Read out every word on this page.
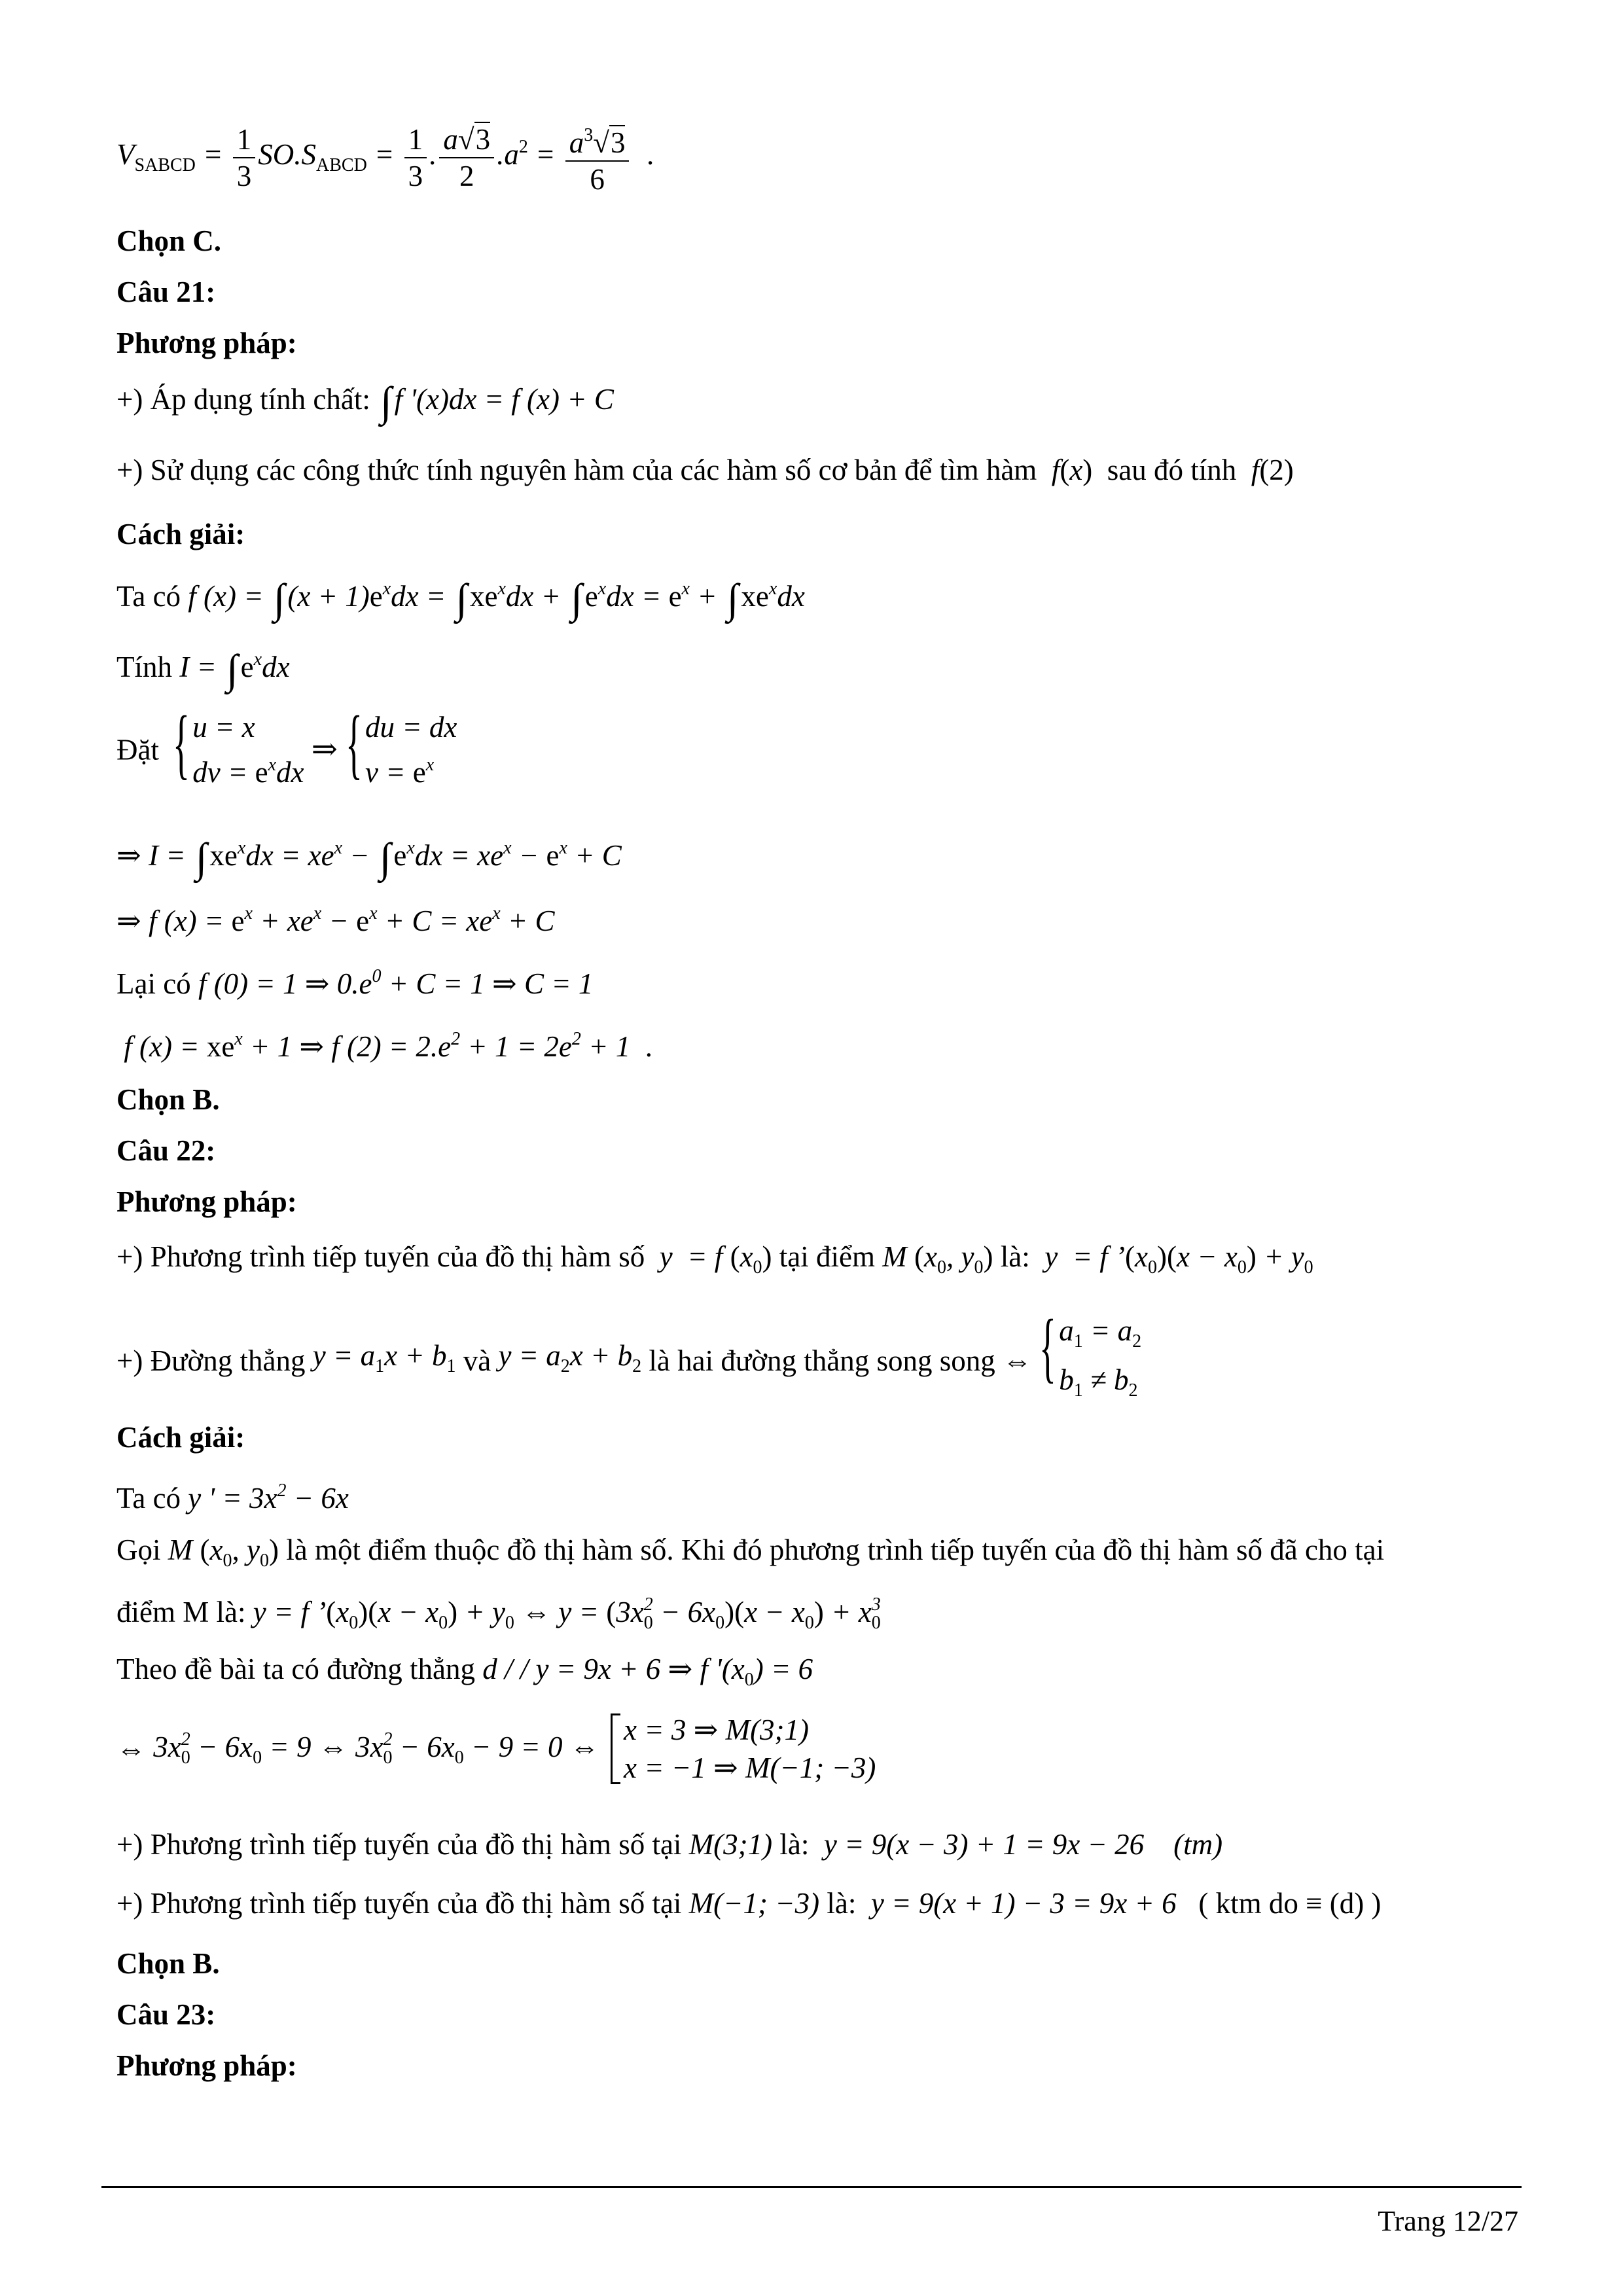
$V_{SABCD} = \frac{1}{3} SO.S_{ABCD} = \frac{1}{3}$ . $\frac{a√3}{2} .a^2 = \frac{a^3√3}{6}$ .
Chọn C.
Câu 21:
Phương pháp:
+) Áp dụng tính chất: ∫f '(x)dx = f (x) + C
+) Sử dụng các công thức tính nguyên hàm của các hàm số cơ bản để tìm hàm  f(x) sau đó tính  f(2)
Cách giải:
Ta có f $(x) = \int(x + 1)e^xdx = \int xe^xdx + \int e^xdx = e^x + \int xe^xdx$
Tính $I = \int e^xdx$
Đặt { u = x
dv = $e^xdx$
⇒ { du = dx
$v = e^x$
⇒ $I = \int xe^xdx = xe^x - \int e^xdx = xe^x - e^x + C$
⇒ f $(x) = e^x + xe^x - e^x + C = xe^x + C$
Lại có f (0) = 1 ⇒ $0.e^0 + C = 1$ ⇒ C = 1
f $(x) = xe^x + 1$ ⇒ f $(2) = 2.e^2 + 1 = 2e^2 + 1$  .
Chọn B.
Câu 22:
Phương pháp:
+) Phương trình tiếp tuyến của đồ thị hàm số  y  = f $(x_0)$ tại điểm M ($x_0$, $y_0$) là:  y  = f $’(x_0)(x - x_0) + y_0$
+) Đường thẳng $y = a_1x + b_1$ và $y = a_2x + b_2$ là hai đường thẳng song song ⇔ { $a_1 = a_2$
$b_1 \ne b_2$
Cách giải:
Ta có y ' = $3x^2 - 6x$
Gọi M ($x_0$, $y_0$) là một điểm thuộc đồ thị hàm số. Khi đó phương trình tiếp tuyến của đồ thị hàm số đã cho tại
điểm M là: y = f $’(x_0)(x - x_0) + y_0$ ⇔ $y = (3x_0^2 - 6x_0)(x - x_0) + x_0^3$
Theo đề bài ta có đường thẳng d / / y = 9x + 6 ⇒ f '$(x_0) = 6$
⇔ $3x_0^2 - 6x_0 = 9$ ⇔ $3x_0^2 - 6x_0 - 9 = 0$ ⇔
x = 3 ⇒ M(3;1)
x = −1 ⇒ M(−1; −3)
+) Phương trình tiếp tuyến của đồ thị hàm số tại M(3;1) là:  y = 9(x − 3) + 1 = 9x − 26    (tm)
+) Phương trình tiếp tuyến của đồ thị hàm số tại M(−1; −3) là:  y = 9(x + 1) − 3 = 9x + 6   ( ktm do ≡ (d) )
Chọn B.
Câu 23:
Phương pháp:
Trang 12/27
